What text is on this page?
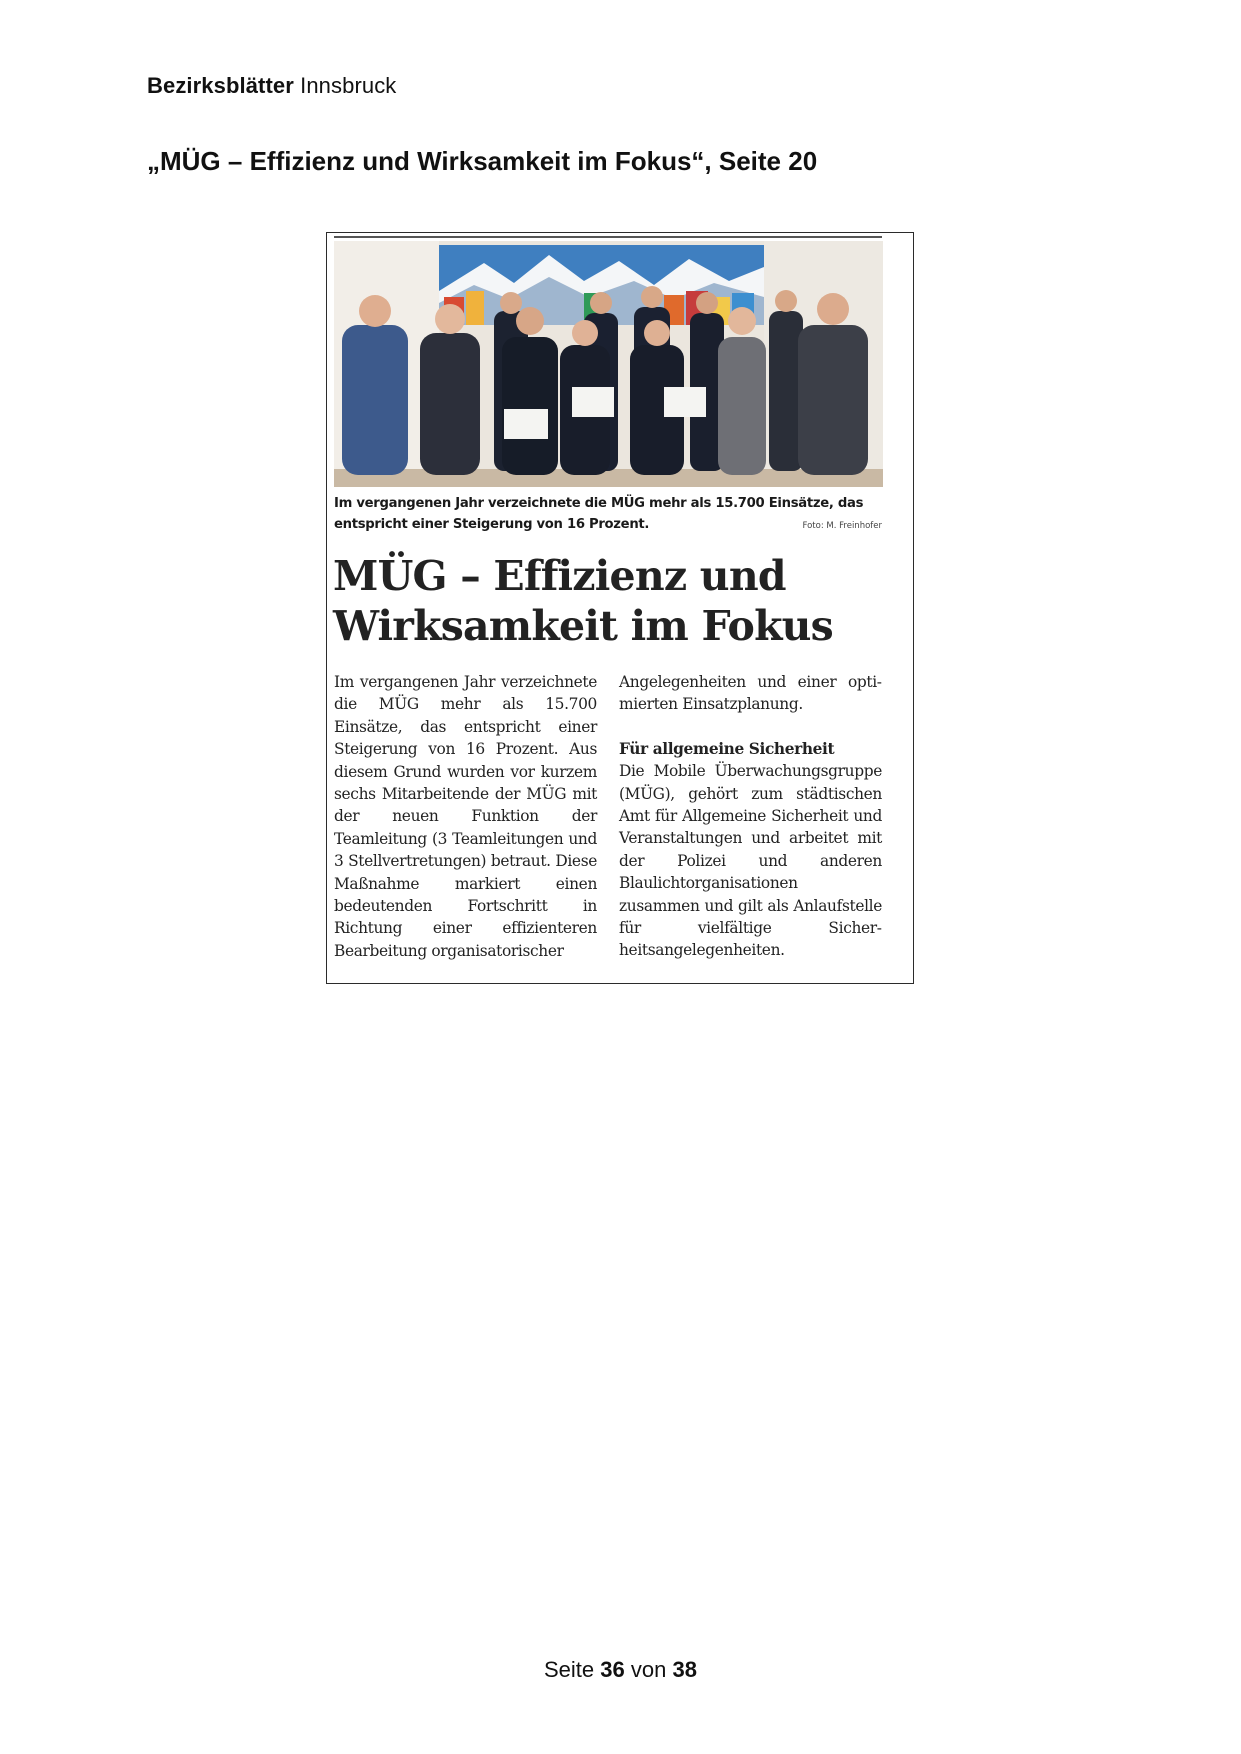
Bezirksblätter Innsbruck
„MÜG – Effizienz und Wirksamkeit im Fokus“, Seite 20

Im vergangenen Jahr verzeichnete die MÜG mehr als 15.700 Einsätze, das

entspricht einer Steigerung von 16 Prozent.	Foto: M. Freinhofer
MÜG – Effizienz und Wirksamkeit im Fokus

Im vergangenen Jahr verzeichnete die MÜG mehr als 15.700 Einsätze, das entspricht einer Steigerung von 16 Prozent. Aus diesem Grund wurden vor kurzem sechs Mitarbeitende der MÜG mit der neuen Funktion der Teamleitung (3 Teamleitungen und 3 Stellvertretungen) betraut. Diese Maßnahme markiert einen bedeutenden Fortschritt in Richtung einer effizienteren Bearbeitung organisatorischer

Angelegenheiten und einer optimierten Einsatzplanung.

Für allgemeine Sicherheit

Die Mobile Überwachungsgruppe (MÜG), gehört zum städtischen Amt für Allgemeine Sicherheit und Veranstaltungen und arbeitet mit der Polizei und anderen Blaulichtorganisationen zusammen und gilt als Anlaufstelle für vielfältige Sicherheitsangelegenheiten.

Seite 36 von 38
